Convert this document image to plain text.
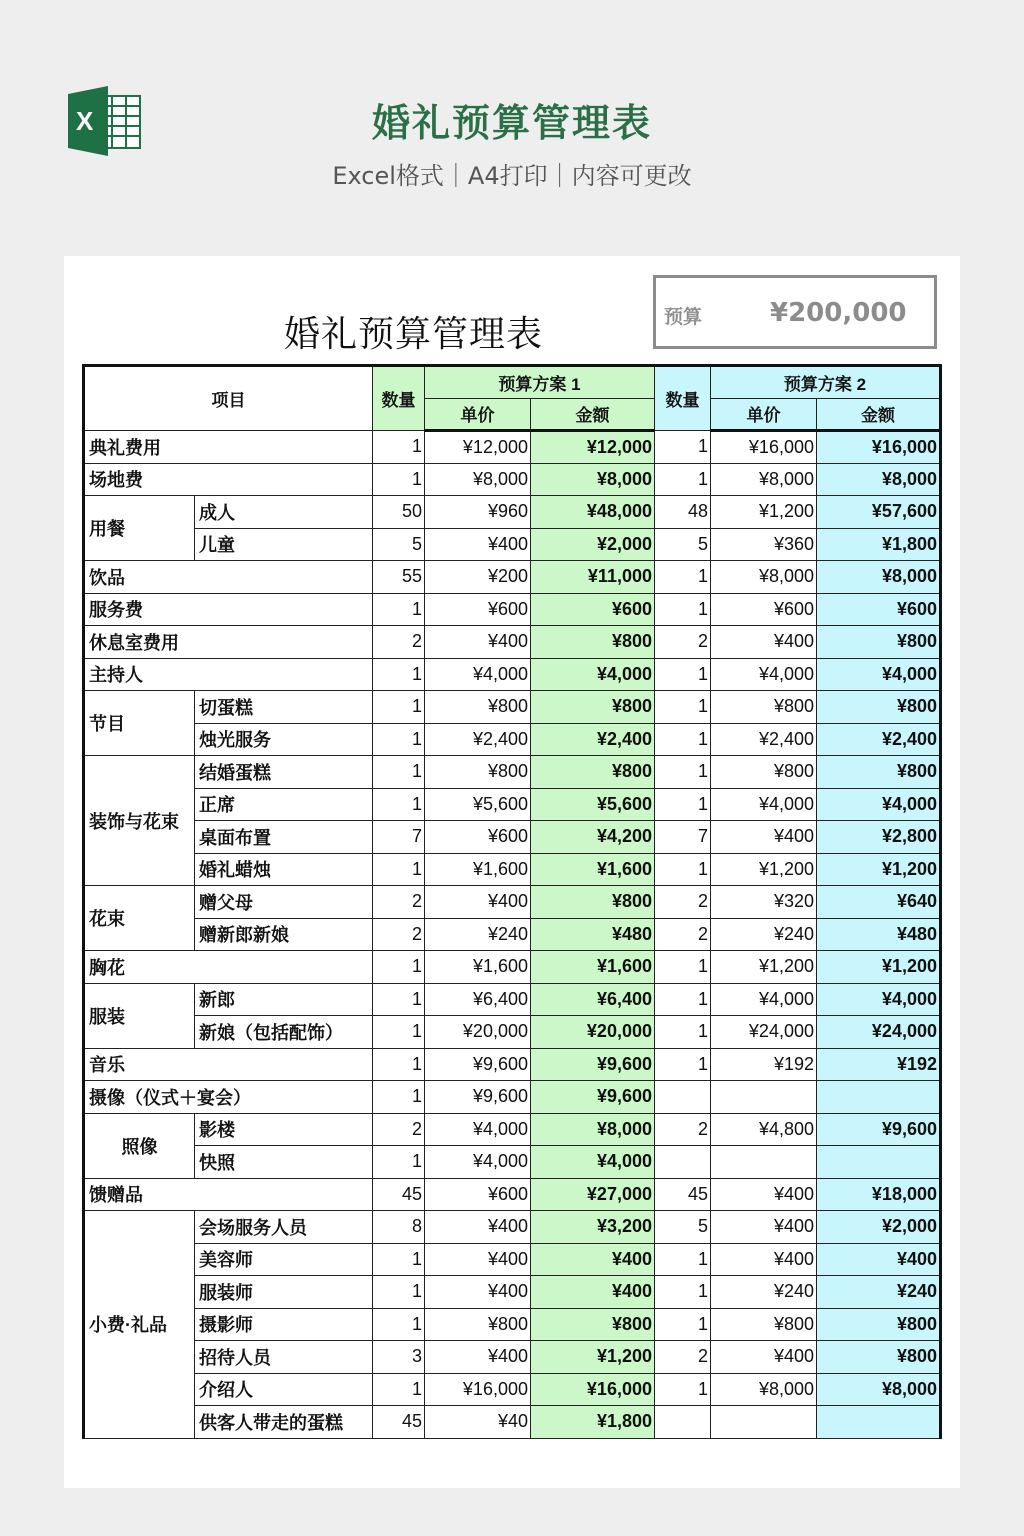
X	婚礼预算管理表
Excel格式｜A4打印｜内容可更改
婚礼预算管理表	预算	¥200,000
项目		数量	预算方案 1		数量	预算方案 2	
			单价	金额		单价	金额
典礼费用		1	¥12,000	¥12,000	1	¥16,000	¥16,000
场地费		1	¥8,000	¥8,000	1	¥8,000	¥8,000
用餐	成人	50	¥960	¥48,000	48	¥1,200	¥57,600
	儿童	5	¥400	¥2,000	5	¥360	¥1,800
饮品		55	¥200	¥11,000	1	¥8,000	¥8,000
服务费		1	¥600	¥600	1	¥600	¥600
休息室费用		2	¥400	¥800	2	¥400	¥800
主持人		1	¥4,000	¥4,000	1	¥4,000	¥4,000
节目	切蛋糕	1	¥800	¥800	1	¥800	¥800
	烛光服务	1	¥2,400	¥2,400	1	¥2,400	¥2,400
装饰与花束	结婚蛋糕	1	¥800	¥800	1	¥800	¥800
	正席	1	¥5,600	¥5,600	1	¥4,000	¥4,000
	桌面布置	7	¥600	¥4,200	7	¥400	¥2,800
	婚礼蜡烛	1	¥1,600	¥1,600	1	¥1,200	¥1,200
花束	赠父母	2	¥400	¥800	2	¥320	¥640
	赠新郎新娘	2	¥240	¥480	2	¥240	¥480
胸花		1	¥1,600	¥1,600	1	¥1,200	¥1,200
服装	新郎	1	¥6,400	¥6,400	1	¥4,000	¥4,000
	新娘（包括配饰）	1	¥20,000	¥20,000	1	¥24,000	¥24,000
音乐		1	¥9,600	¥9,600	1	¥192	¥192
摄像（仪式＋宴会）		1	¥9,600	¥9,600			
照像	影楼	2	¥4,000	¥8,000	2	¥4,800	¥9,600
	快照	1	¥4,000	¥4,000			
馈赠品		45	¥600	¥27,000	45	¥400	¥18,000
小费·礼品	会场服务人员	8	¥400	¥3,200	5	¥400	¥2,000
	美容师	1	¥400	¥400	1	¥400	¥400
	服装师	1	¥400	¥400	1	¥240	¥240
	摄影师	1	¥800	¥800	1	¥800	¥800
	招待人员	3	¥400	¥1,200	2	¥400	¥800
	介绍人	1	¥16,000	¥16,000	1	¥8,000	¥8,000
	供客人带走的蛋糕	45	¥40	¥1,800			
